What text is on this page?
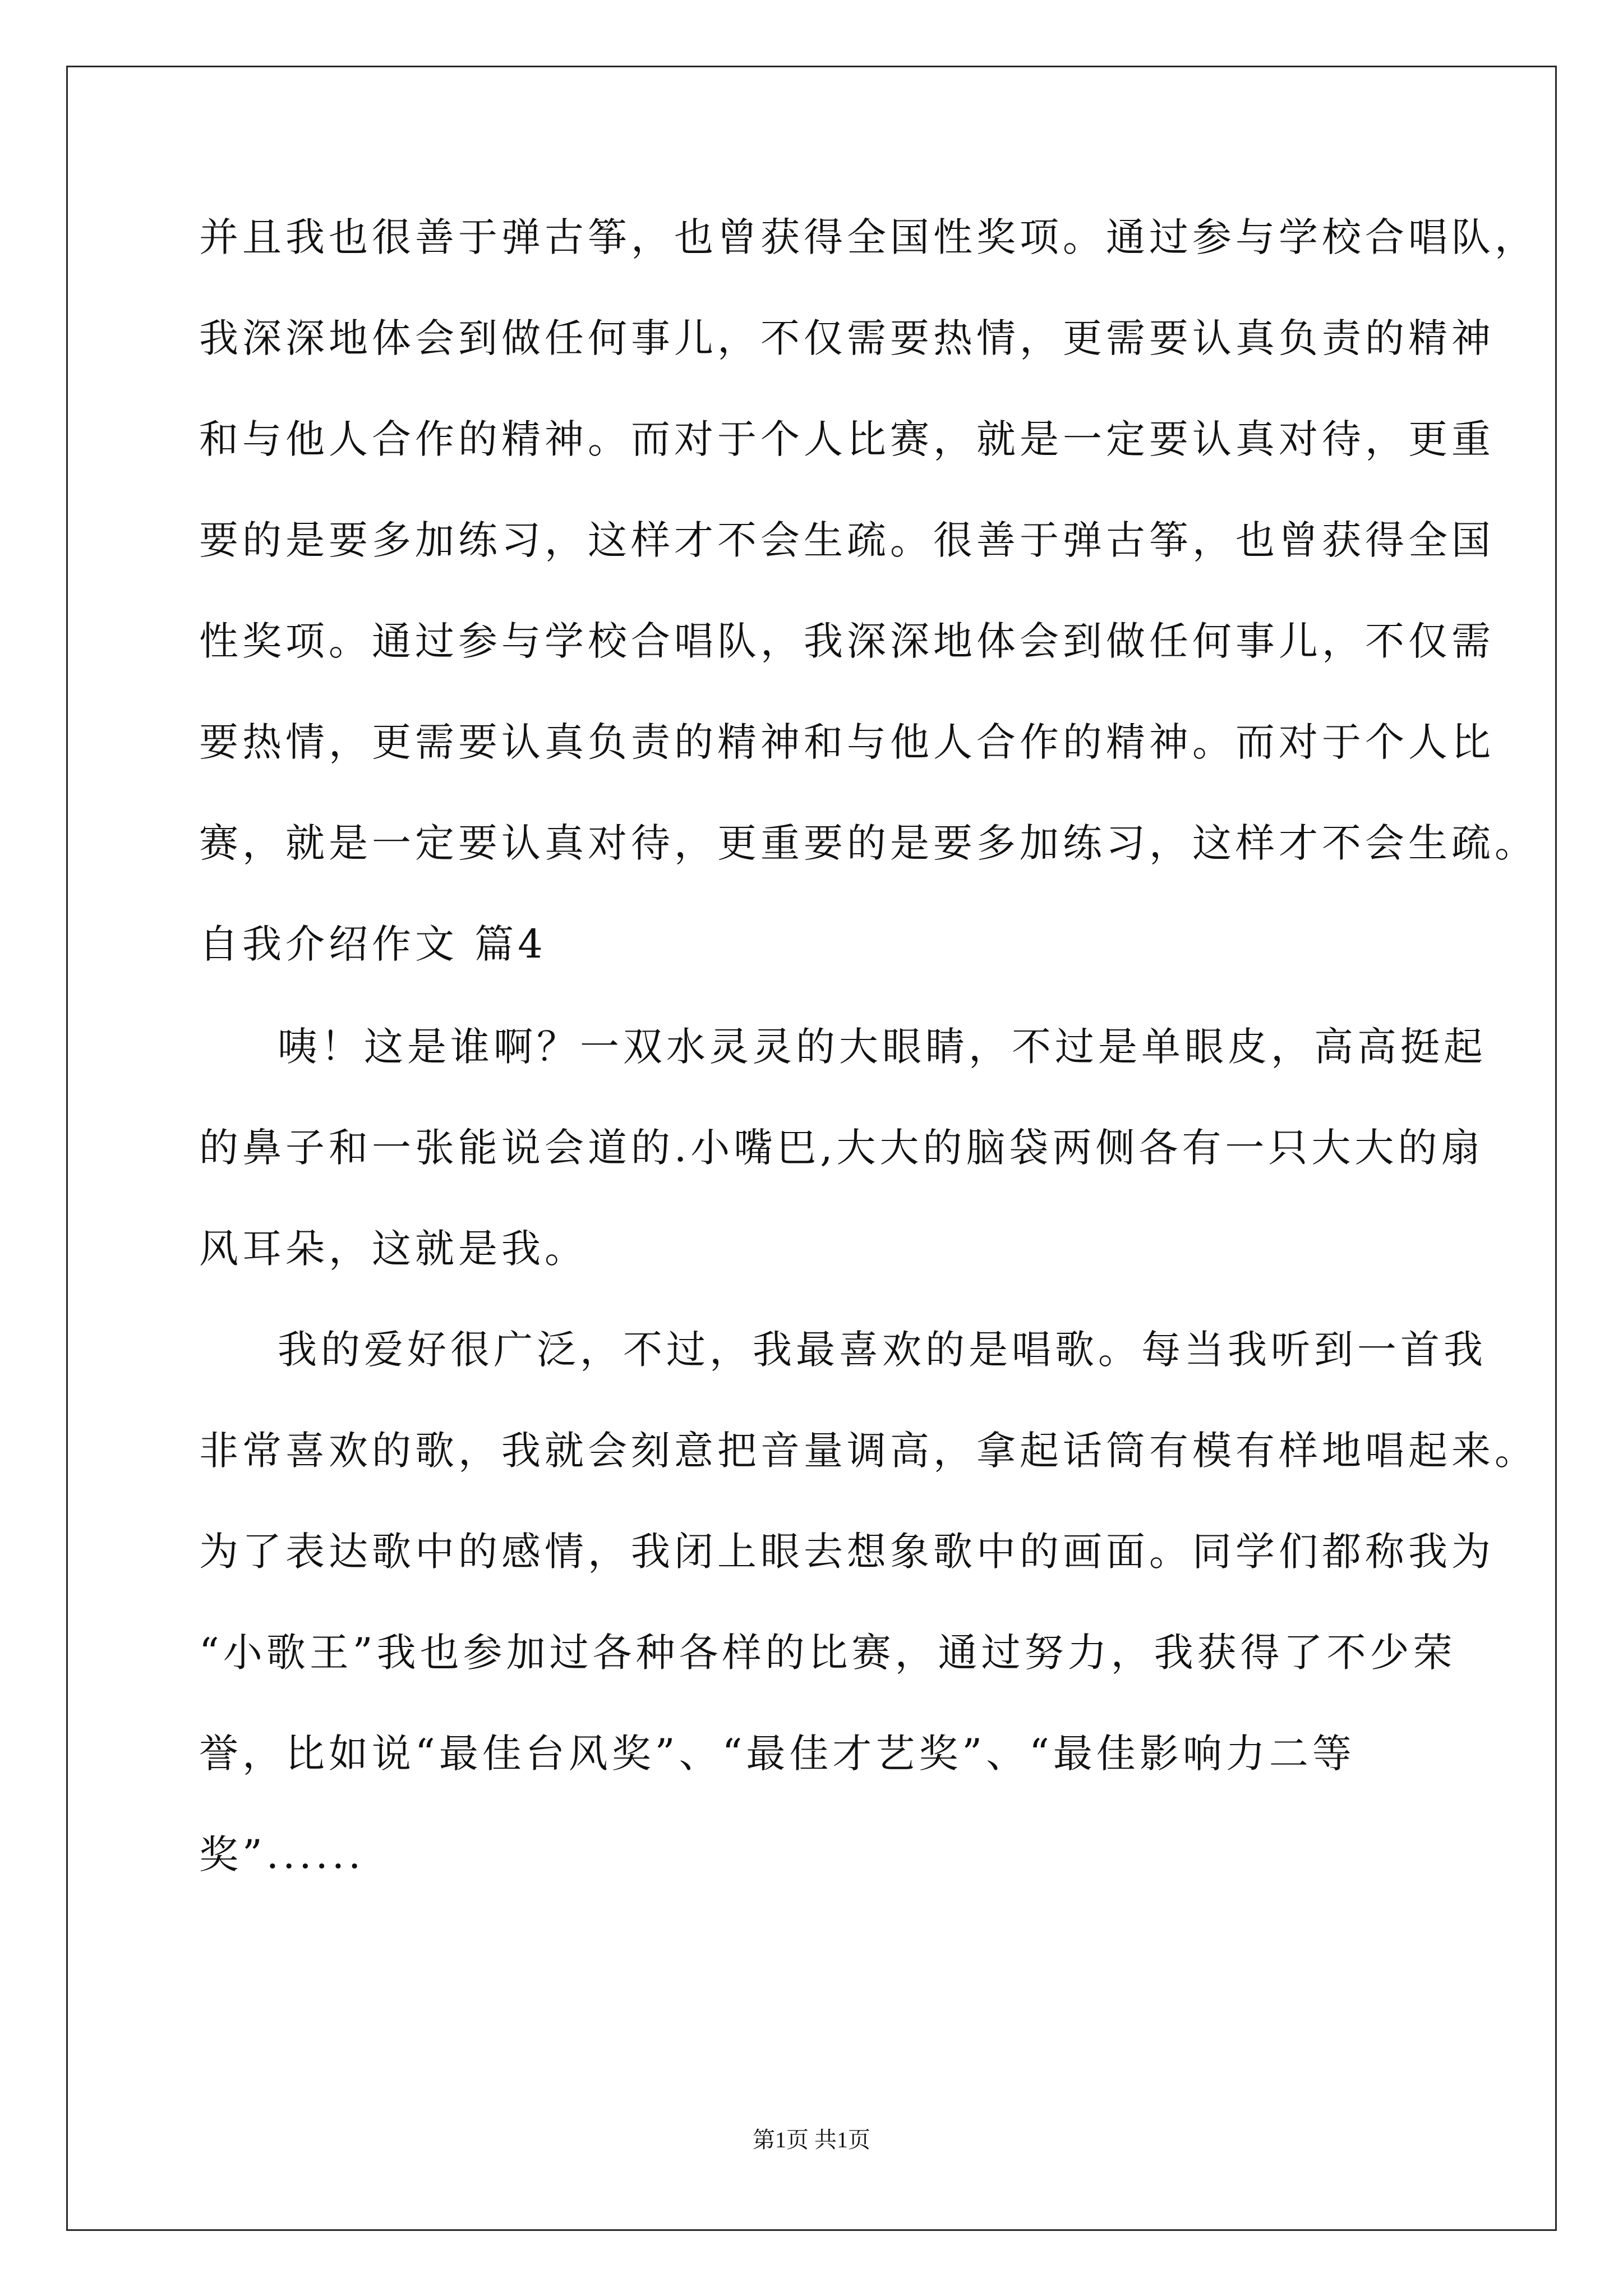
并且我也很善于弹古筝，也曾获得全国性奖项。通过参与学校合唱队，
我深深地体会到做任何事儿，不仅需要热情，更需要认真负责的精神
和与他人合作的精神。而对于个人比赛，就是一定要认真对待，更重
要的是要多加练习，这样才不会生疏。很善于弹古筝，也曾获得全国
性奖项。通过参与学校合唱队，我深深地体会到做任何事儿，不仅需
要热情，更需要认真负责的精神和与他人合作的精神。而对于个人比
赛，就是一定要认真对待，更重要的是要多加练习，这样才不会生疏。
自我介绍作文 篇4
咦！这是谁啊？一双水灵灵的大眼睛，不过是单眼皮，高高挺起
的鼻子和一张能说会道的.小嘴巴,大大的脑袋两侧各有一只大大的扇
风耳朵，这就是我。
我的爱好很广泛，不过，我最喜欢的是唱歌。每当我听到一首我
非常喜欢的歌，我就会刻意把音量调高，拿起话筒有模有样地唱起来。
为了表达歌中的感情，我闭上眼去想象歌中的画面。同学们都称我为
“小歌王”我也参加过各种各样的比赛，通过努力，我获得了不少荣
誉，比如说“最佳台风奖”、“最佳才艺奖”、“最佳影响力二等
奖”......
第1页 共1页
